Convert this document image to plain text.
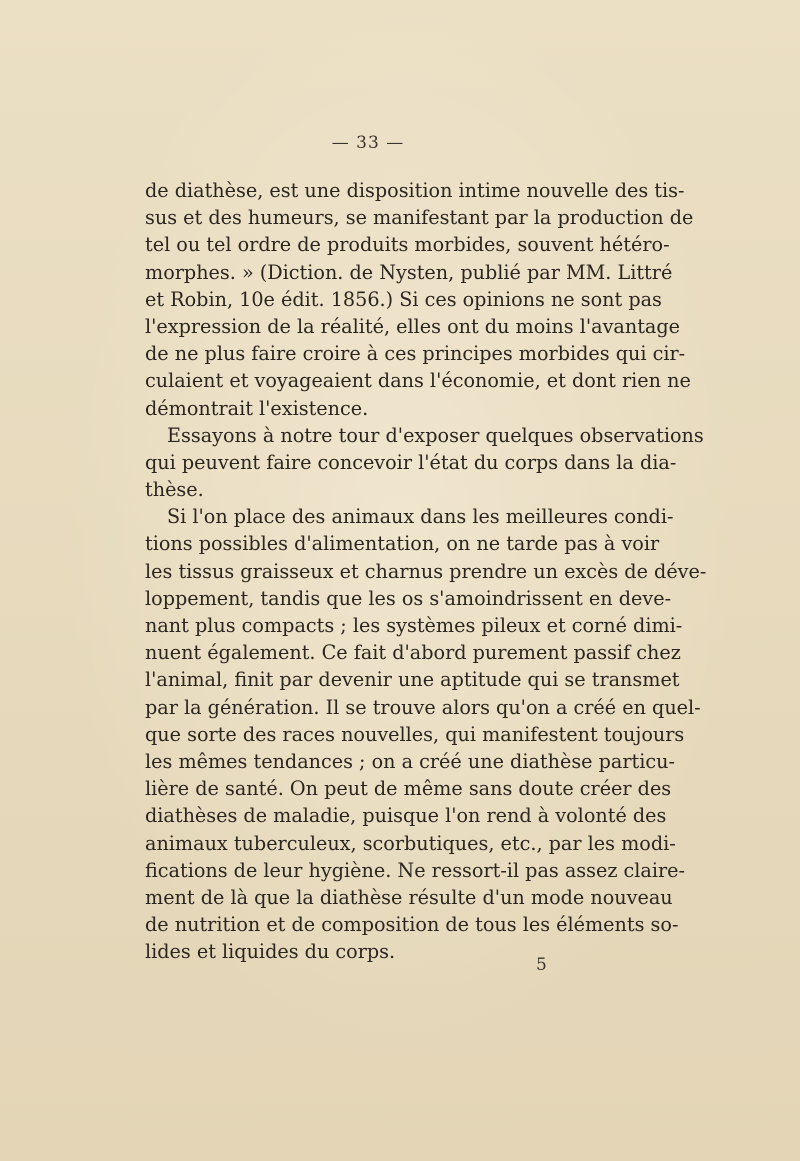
— 33 —
de diathèse, est une disposition intime nouvelle des tis-
sus et des humeurs, se manifestant par la production de
tel ou tel ordre de produits morbides, souvent hétéro-
morphes. » (Diction. de Nysten, publié par MM. Littré
et Robin, 10e édit. 1856.) Si ces opinions ne sont pas
l'expression de la réalité, elles ont du moins l'avantage
de ne plus faire croire à ces principes morbides qui cir-
culaient et voyageaient dans l'économie, et dont rien ne
démontrait l'existence.
Essayons à notre tour d'exposer quelques observations
qui peuvent faire concevoir l'état du corps dans la dia-
thèse.
Si l'on place des animaux dans les meilleures condi-
tions possibles d'alimentation, on ne tarde pas à voir
les tissus graisseux et charnus prendre un excès de déve-
loppement, tandis que les os s'amoindrissent en deve-
nant plus compacts ; les systèmes pileux et corné dimi-
nuent également. Ce fait d'abord purement passif chez
l'animal, finit par devenir une aptitude qui se transmet
par la génération. Il se trouve alors qu'on a créé en quel-
que sorte des races nouvelles, qui manifestent toujours
les mêmes tendances ; on a créé une diathèse particu-
lière de santé. On peut de même sans doute créer des
diathèses de maladie, puisque l'on rend à volonté des
animaux tuberculeux, scorbutiques, etc., par les modi-
fications de leur hygiène. Ne ressort-il pas assez claire-
ment de là que la diathèse résulte d'un mode nouveau
de nutrition et de composition de tous les éléments so-
lides et liquides du corps.
5
